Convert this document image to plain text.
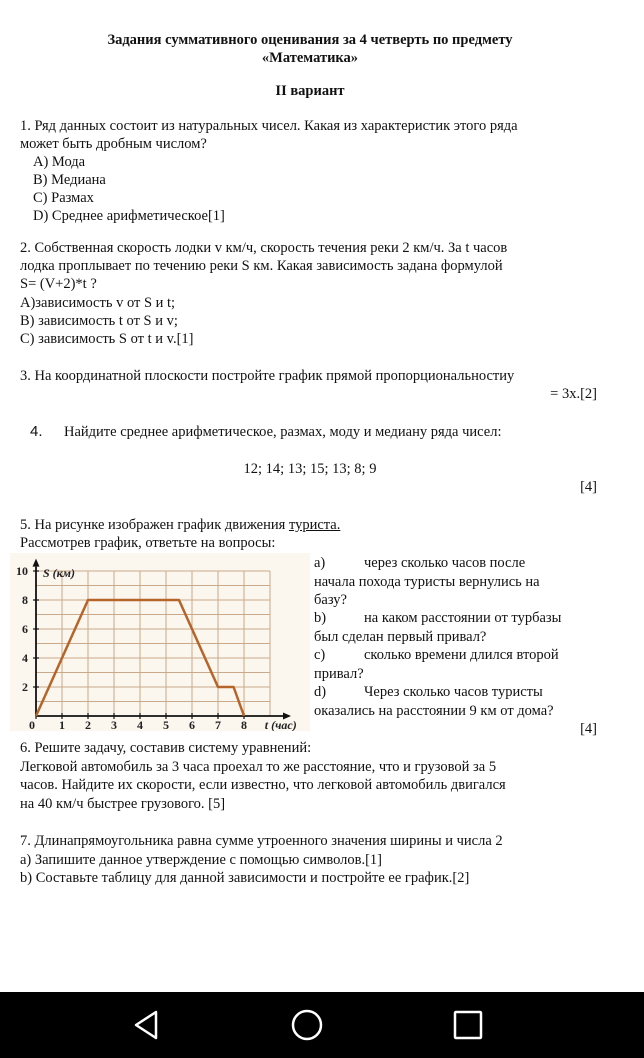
Задания суммативного оценивания за 4 четверть по предмету
«Математика»
II вариант
1. Ряд данных состоит из натуральных чисел. Какая из характеристик этого ряда
может быть дробным числом?
A) Мода
B) Медиана
C) Размах
D) Среднее арифметическое[1]
2. Собственная скорость лодки v км/ч, скорость течения реки 2 км/ч. За t часов
лодка проплывает по течению реки S км. Какая зависимость задана формулой
S= (V+2)*t ?
A)зависимость v от S и t;
B) зависимость t от S и v;
C) зависимость S от t и v.[1]
3. На координатной плоскости постройте график прямой пропорциональностиу
= 3x.[2]
4. Найдите среднее арифметическое, размах, моду и медиану ряда чисел:
12; 14; 13; 15; 13; 8; 9
[4]
5. На рисунке изображен график движения туриста.
Рассмотрев график, ответьте на вопросы:
0 1 2 3 4 5 6 7 8
2
4
6
8
10 S (км)
t (час)
a)	через сколько часов после
начала похода туристы вернулись на
базу?
b)	на каком расстоянии от турбазы
был сделан первый привал?
c)	сколько времени длился второй
привал?
d)	Через сколько часов туристы
оказались на расстоянии 9 км от дома?
[4]
6. Решите задачу, составив систему уравнений:
Легковой автомобиль за 3 часа проехал то же расстояние, что и грузовой за 5
часов. Найдите их скорости, если известно, что легковой автомобиль двигался
на 40 км/ч быстрее грузового. [5]
7. Длинапрямоугольника равна сумме утроенного значения ширины и числа 2
a) Запишите данное утверждение с помощью символов.[1]
b) Составьте таблицу для данной зависимости и постройте ее график.[2]
